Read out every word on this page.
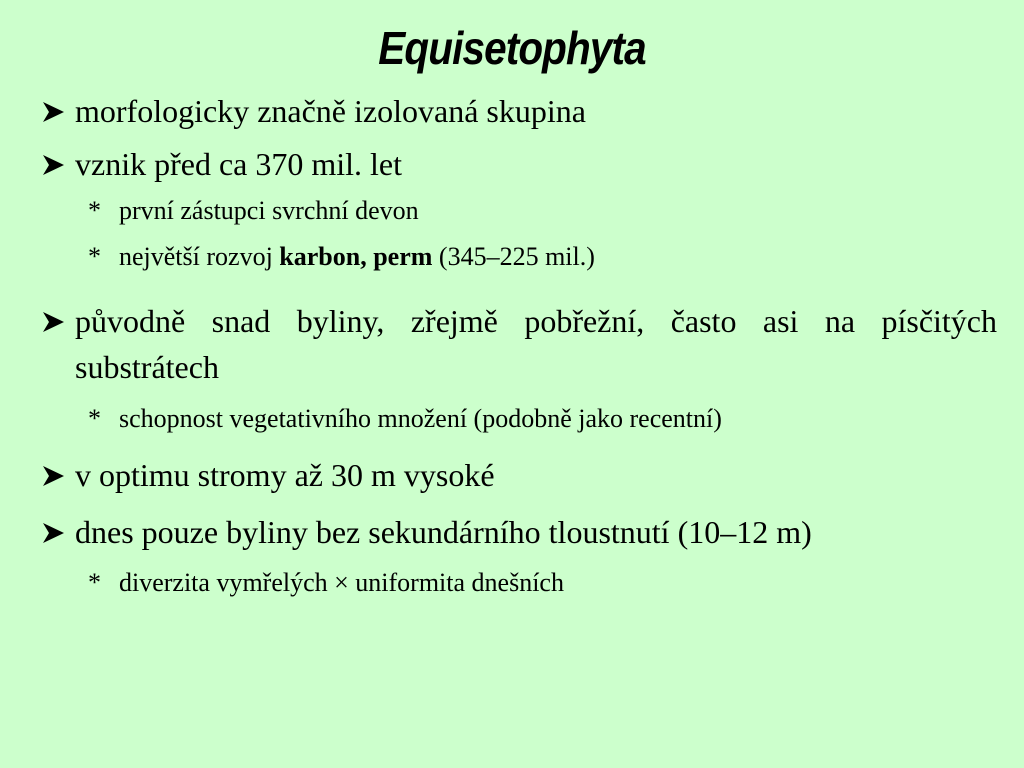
Equisetophyta
morfologicky značně izolovaná skupina
vznik před ca 370 mil. let
* první zástupci svrchní devon
* největší rozvoj karbon, perm (345–225 mil.)
původně snad byliny, zřejmě pobřežní, často asi na písčitých substrátech
* schopnost vegetativního množení (podobně jako recentní)
v optimu stromy až 30 m vysoké
dnes pouze byliny bez sekundárního tloustnutí (10–12 m)
* diverzita vymřelých × uniformita dnešních
